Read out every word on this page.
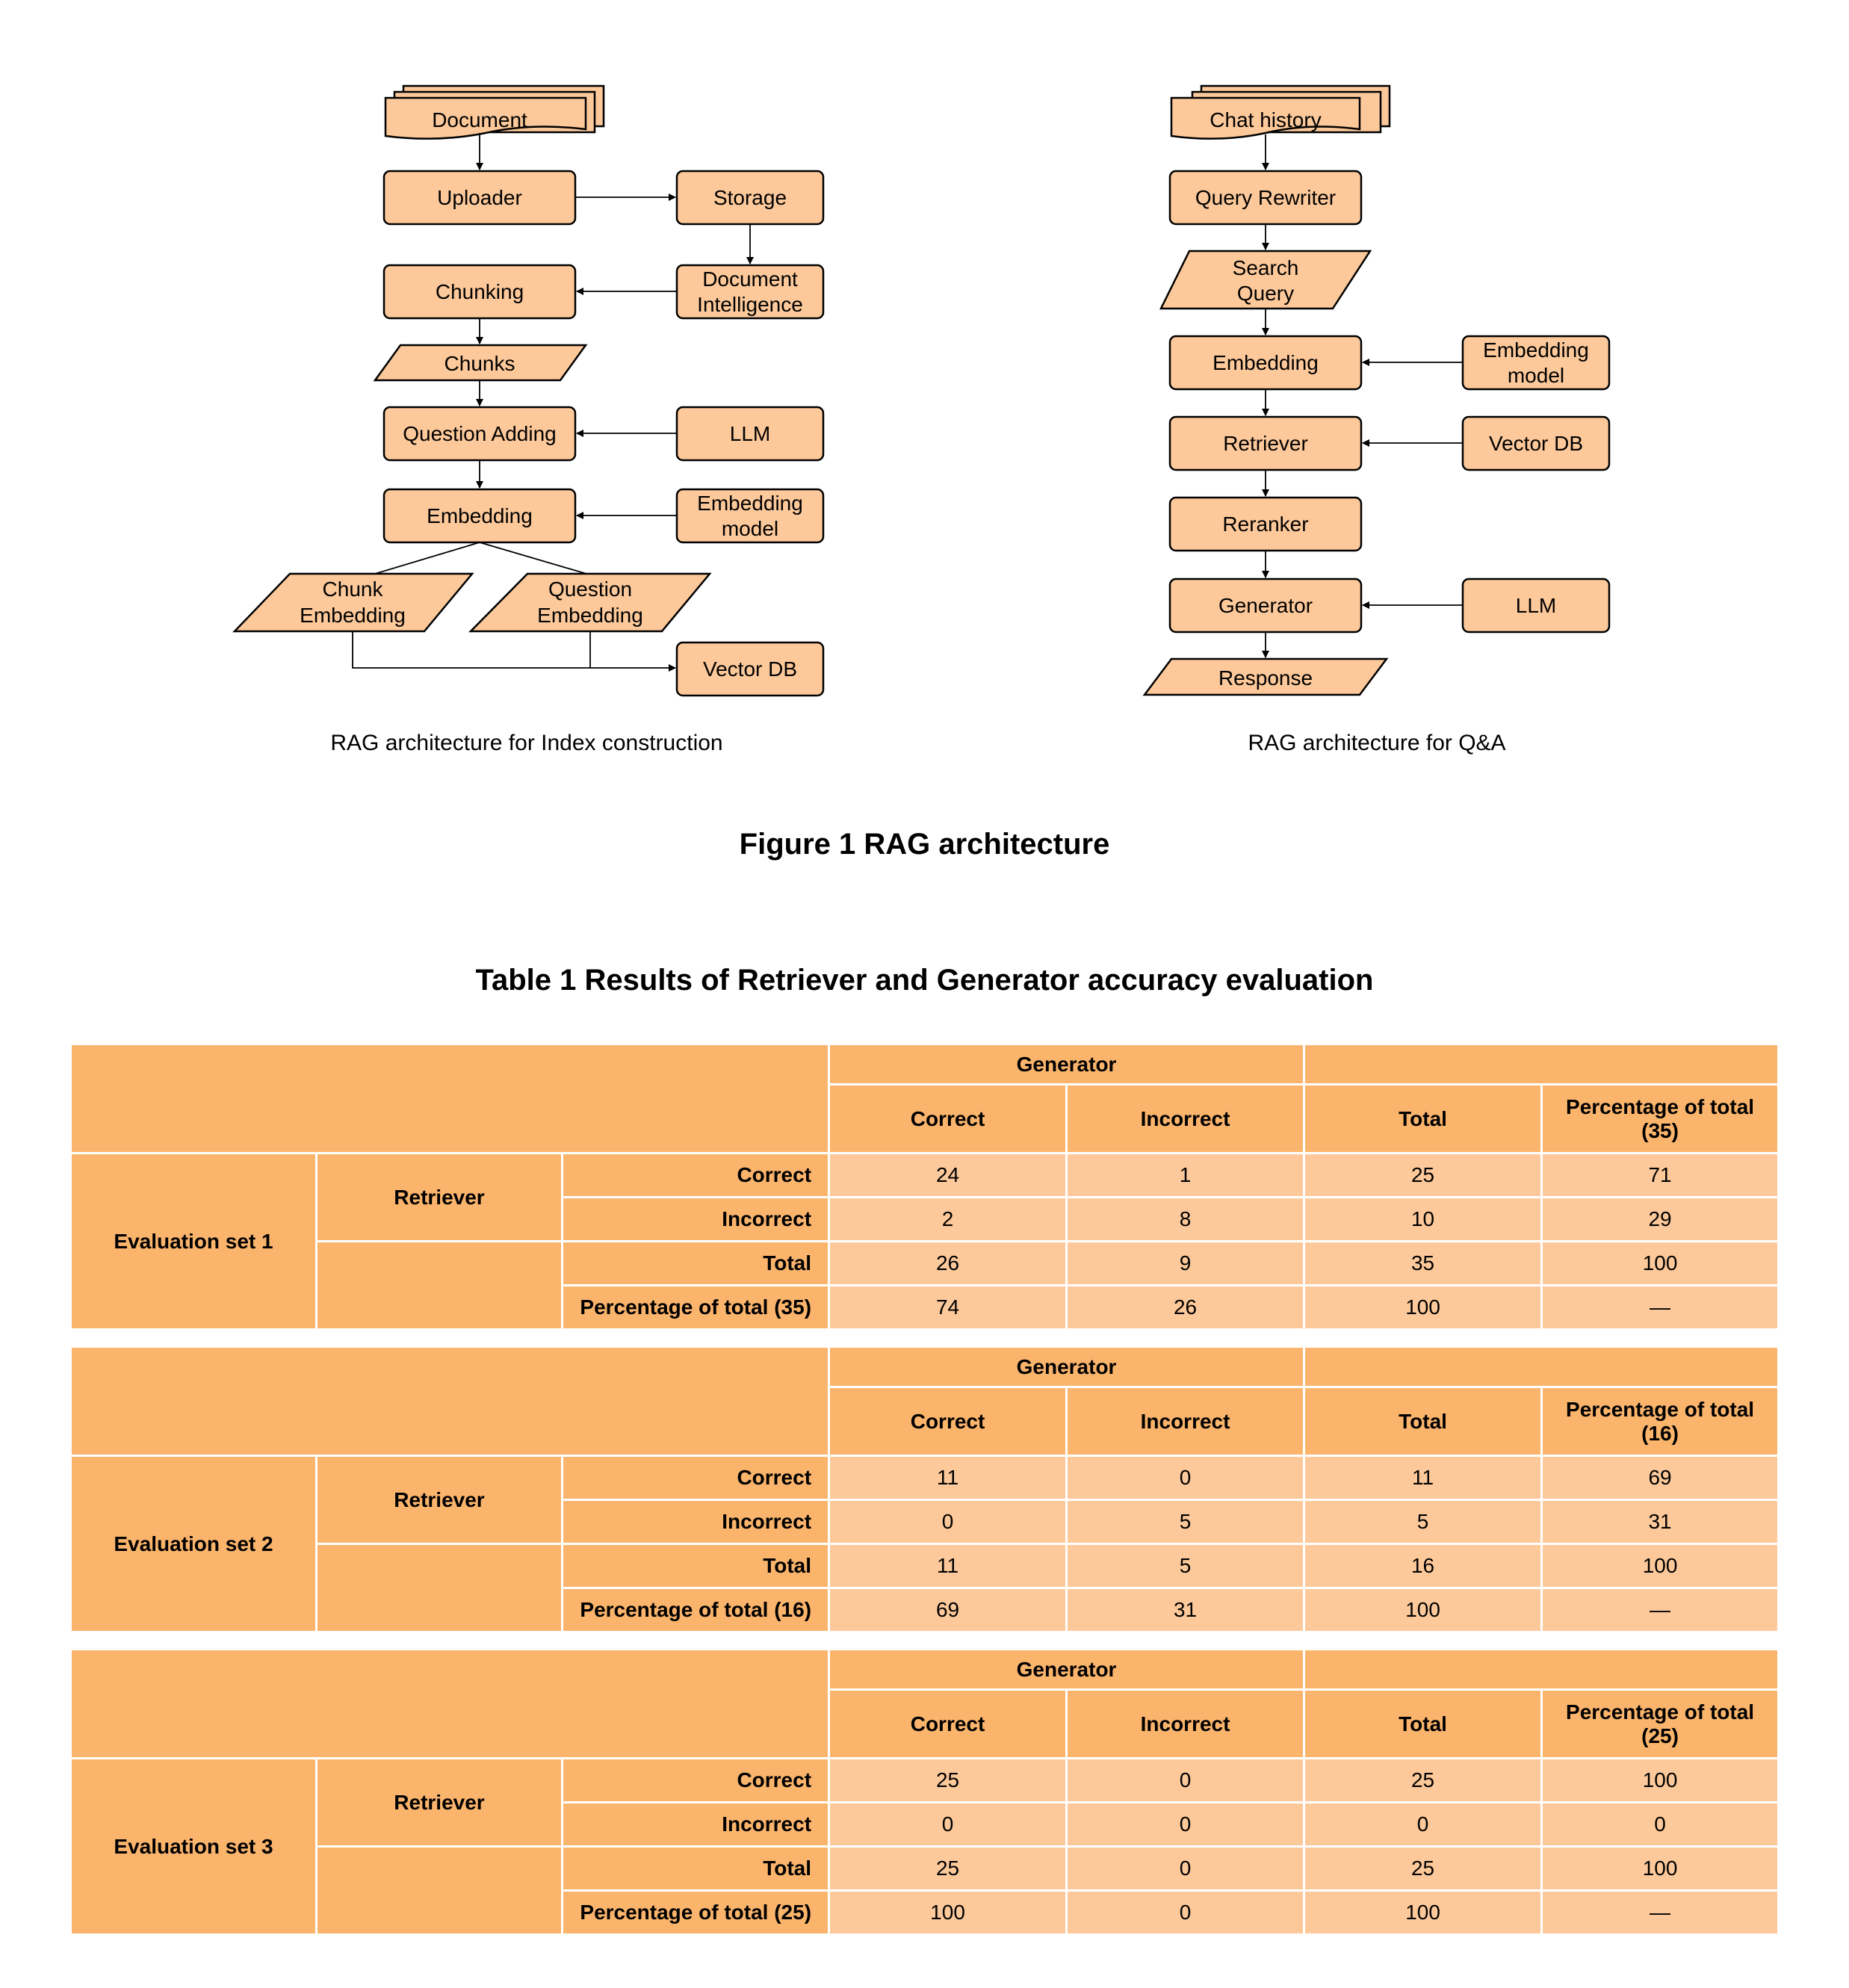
Document
Uploader	Storage
Chunking
Document
Intelligence
Chunks
Question Adding	LLM
Embedding
Embedding
model
Chunk
Embedding
Question
Embedding
Vector DB
Chat history
Query Rewriter
Search
Query
Embedding
Embedding
model
Retriever	Vector DB
Reranker
Generator	LLM
Response
RAG architecture for Index construction	RAG architecture for Q&A
Figure 1 RAG architecture
Table 1 Results of Retriever and Generator accuracy evaluation
			Generator			
			Correct	Incorrect	Total	Percentage of total (35)
Evaluation set 1	Retriever	Correct	24	1	25	71
		Incorrect	2	8	10	29
		Total	26	9	35	100
		Percentage of total (35)	74	26	100	—
			Generator			
			Correct	Incorrect	Total	Percentage of total (16)
Evaluation set 2	Retriever	Correct	11	0	11	69
		Incorrect	0	5	5	31
		Total	11	5	16	100
		Percentage of total (16)	69	31	100	—
			Generator			
			Correct	Incorrect	Total	Percentage of total (25)
Evaluation set 3	Retriever	Correct	25	0	25	100
		Incorrect	0	0	0	0
		Total	25	0	25	100
		Percentage of total (25)	100	0	100	—
